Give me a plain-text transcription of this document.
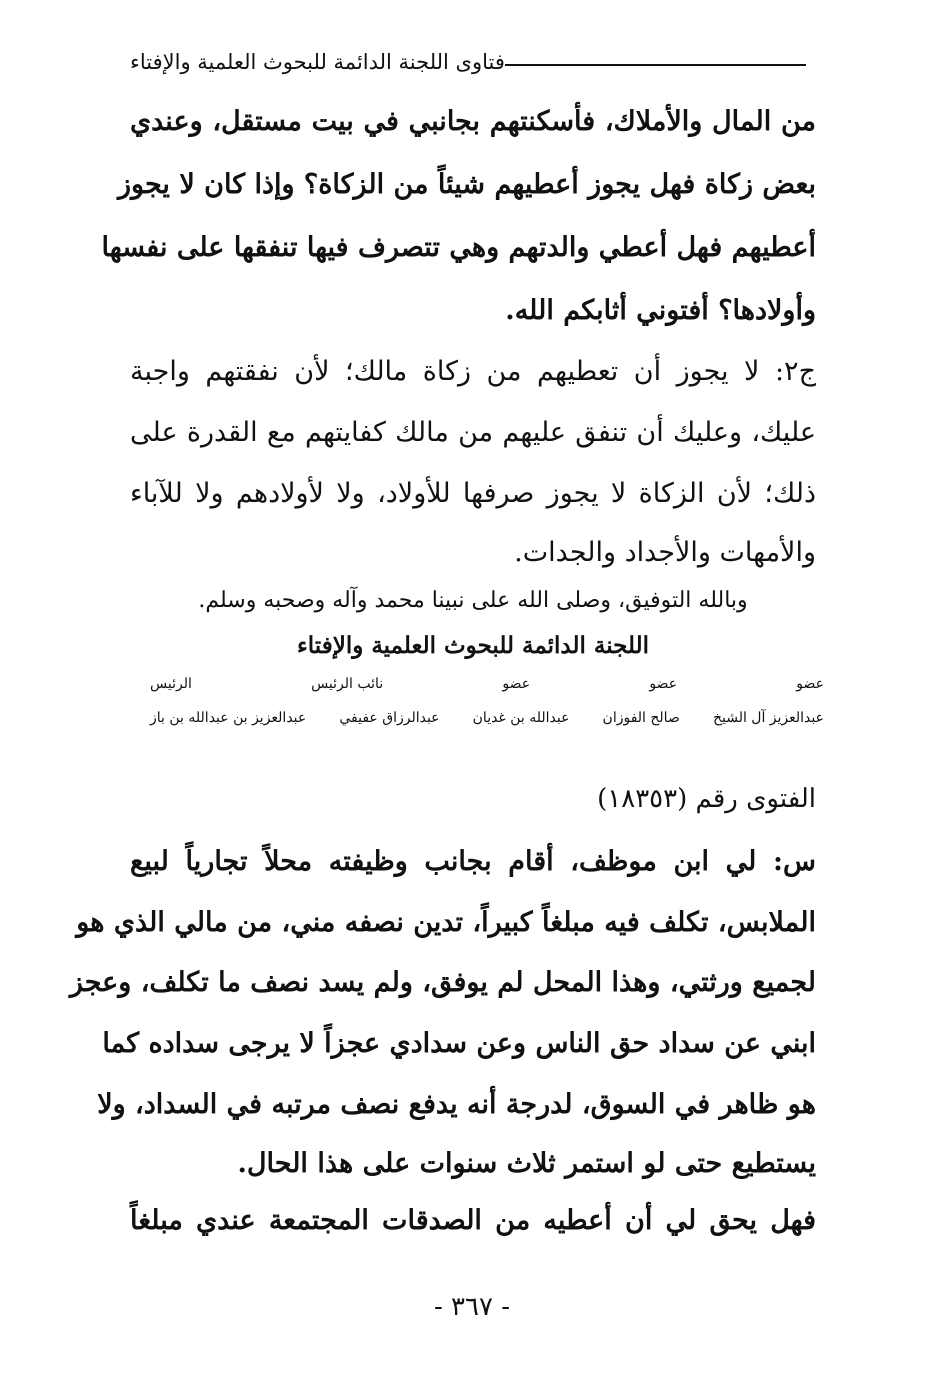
فتاوى اللجنة الدائمة للبحوث العلمية والإفتاء
من المال والأملاك، فأسكنتهم بجانبي في بيت مستقل، وعندي
بعض زكاة فهل يجوز أعطيهم شيئاً من الزكاة؟ وإذا كان لا يجوز
أعطيهم فهل أعطي والدتهم وهي تتصرف فيها تنفقها على نفسها
وأولادها؟ أفتوني أثابكم الله.
ج٢: لا يجوز أن تعطيهم من زكاة مالك؛ لأن نفقتهم واجبة
عليك، وعليك أن تنفق عليهم من مالك كفايتهم مع القدرة على
ذلك؛ لأن الزكاة لا يجوز صرفها للأولاد، ولا لأولادهم ولا للآباء
والأمهات والأجداد والجدات.
وبالله التوفيق، وصلى الله على نبينا محمد وآله وصحبه وسلم.
اللجنة الدائمة للبحوث العلمية والإفتاء
عضو
عضو
عضو
نائب الرئيس
الرئيس
عبدالعزيز آل الشيخ
صالح الفوزان
عبدالله بن غديان
عبدالرزاق عفيفي
عبدالعزيز بن عبدالله بن باز
الفتوى رقم (١٨٣٥٣)
س: لي ابن موظف، أقام بجانب وظيفته محلاً تجارياً لبيع
الملابس، تكلف فيه مبلغاً كبيراً، تدين نصفه مني، من مالي الذي هو
لجميع ورثتي، وهذا المحل لم يوفق، ولم يسد نصف ما تكلف، وعجز
ابني عن سداد حق الناس وعن سدادي عجزاً لا يرجى سداده كما
هو ظاهر في السوق، لدرجة أنه يدفع نصف مرتبه في السداد، ولا
يستطيع حتى لو استمر ثلاث سنوات على هذا الحال.
فهل يحق لي أن أعطيه من الصدقات المجتمعة عندي مبلغاً
- ٣٦٧ -
